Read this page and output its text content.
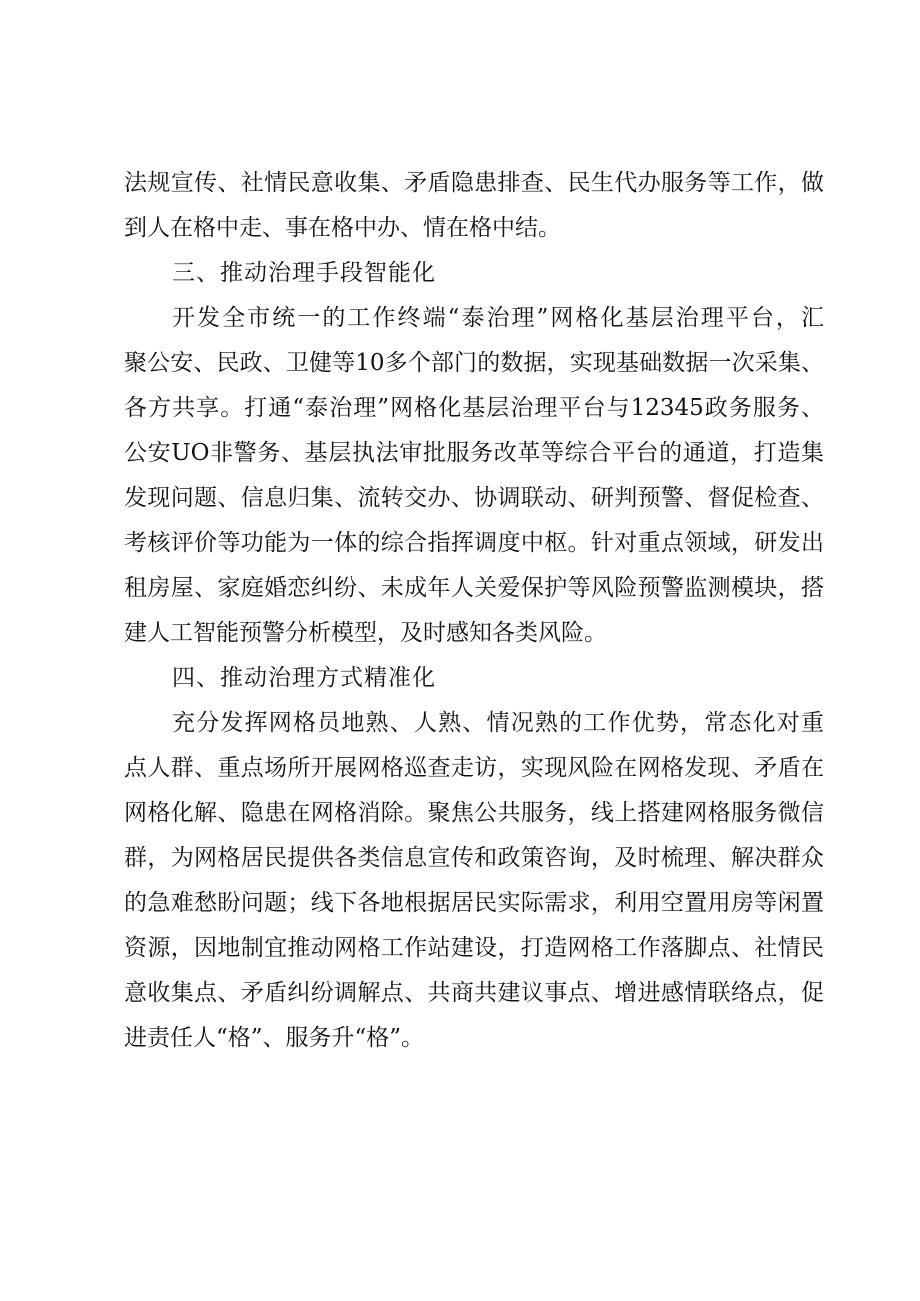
法规宣传、社情民意收集、矛盾隐患排查、民生代办服务等工作，做
到人在格中走、事在格中办、情在格中结。
三、推动治理手段智能化
开发全市统一的工作终端“泰治理”网格化基层治理平台，汇
聚公安、民政、卫健等10多个部门的数据，实现基础数据一次采集、
各方共享。打通“泰治理”网格化基层治理平台与12345政务服务、
公安UO非警务、基层执法审批服务改革等综合平台的通道，打造集
发现问题、信息归集、流转交办、协调联动、研判预警、督促检查、
考核评价等功能为一体的综合指挥调度中枢。针对重点领域，研发出
租房屋、家庭婚恋纠纷、未成年人关爱保护等风险预警监测模块，搭
建人工智能预警分析模型，及时感知各类风险。
四、推动治理方式精准化
充分发挥网格员地熟、人熟、情况熟的工作优势，常态化对重
点人群、重点场所开展网格巡查走访，实现风险在网格发现、矛盾在
网格化解、隐患在网格消除。聚焦公共服务，线上搭建网格服务微信
群，为网格居民提供各类信息宣传和政策咨询，及时梳理、解决群众
的急难愁盼问题；线下各地根据居民实际需求，利用空置用房等闲置
资源，因地制宜推动网格工作站建设，打造网格工作落脚点、社情民
意收集点、矛盾纠纷调解点、共商共建议事点、增进感情联络点，促
进责任人“格”、服务升“格”。
